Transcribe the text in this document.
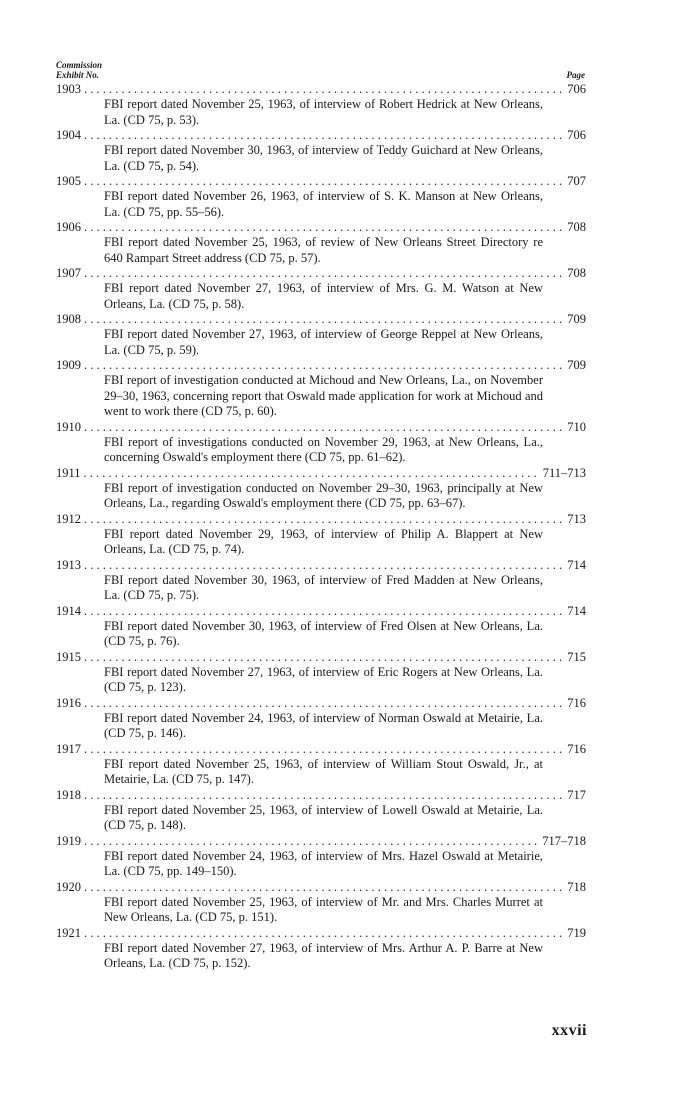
Commission
Exhibit No.	Page
1903 . . .	706
FBI report dated November 25, 1963, of interview of Robert Hedrick at New Orleans, La. (CD 75, p. 53).
1904 . . .	706
FBI report dated November 30, 1963, of interview of Teddy Guichard at New Orleans, La. (CD 75, p. 54).
1905 . . .	707
FBI report dated November 26, 1963, of interview of S. K. Manson at New Orleans, La. (CD 75, pp. 55–56).
1906 . . .	708
FBI report dated November 25, 1963, of review of New Orleans Street Directory re 640 Rampart Street address (CD 75, p. 57).
1907 . . .	708
FBI report dated November 27, 1963, of interview of Mrs. G. M. Watson at New Orleans, La. (CD 75, p. 58).
1908 . . .	709
FBI report dated November 27, 1963, of interview of George Reppel at New Orleans, La. (CD 75, p. 59).
1909 . . .	709
FBI report of investigation conducted at Michoud and New Orleans, La., on November 29–30, 1963, concerning report that Oswald made application for work at Michoud and went to work there (CD 75, p. 60).
1910 . . .	710
FBI report of investigations conducted on November 29, 1963, at New Orleans, La., concerning Oswald's employment there (CD 75, pp. 61–62).
1911 . . .	711–713
FBI report of investigation conducted on November 29–30, 1963, principally at New Orleans, La., regarding Oswald's employment there (CD 75, pp. 63–67).
1912 . . .	713
FBI report dated November 29, 1963, of interview of Philip A. Blappert at New Orleans, La. (CD 75, p. 74).
1913 . . .	714
FBI report dated November 30, 1963, of interview of Fred Madden at New Orleans, La. (CD 75, p. 75).
1914 . . .	714
FBI report dated November 30, 1963, of interview of Fred Olsen at New Orleans, La. (CD 75, p. 76).
1915 . . .	715
FBI report dated November 27, 1963, of interview of Eric Rogers at New Orleans, La. (CD 75, p. 123).
1916 . . .	716
FBI report dated November 24, 1963, of interview of Norman Oswald at Metairie, La. (CD 75, p. 146).
1917 . . .	716
FBI report dated November 25, 1963, of interview of William Stout Oswald, Jr., at Metairie, La. (CD 75, p. 147).
1918 . . .	717
FBI report dated November 25, 1963, of interview of Lowell Oswald at Metairie, La. (CD 75, p. 148).
1919 . . .	717–718
FBI report dated November 24, 1963, of interview of Mrs. Hazel Oswald at Metairie, La. (CD 75, pp. 149–150).
1920 . . .	718
FBI report dated November 25, 1963, of interview of Mr. and Mrs. Charles Murret at New Orleans, La. (CD 75, p. 151).
1921 . . .	719
FBI report dated November 27, 1963, of interview of Mrs. Arthur A. P. Barre at New Orleans, La. (CD 75, p. 152).
xxvii
